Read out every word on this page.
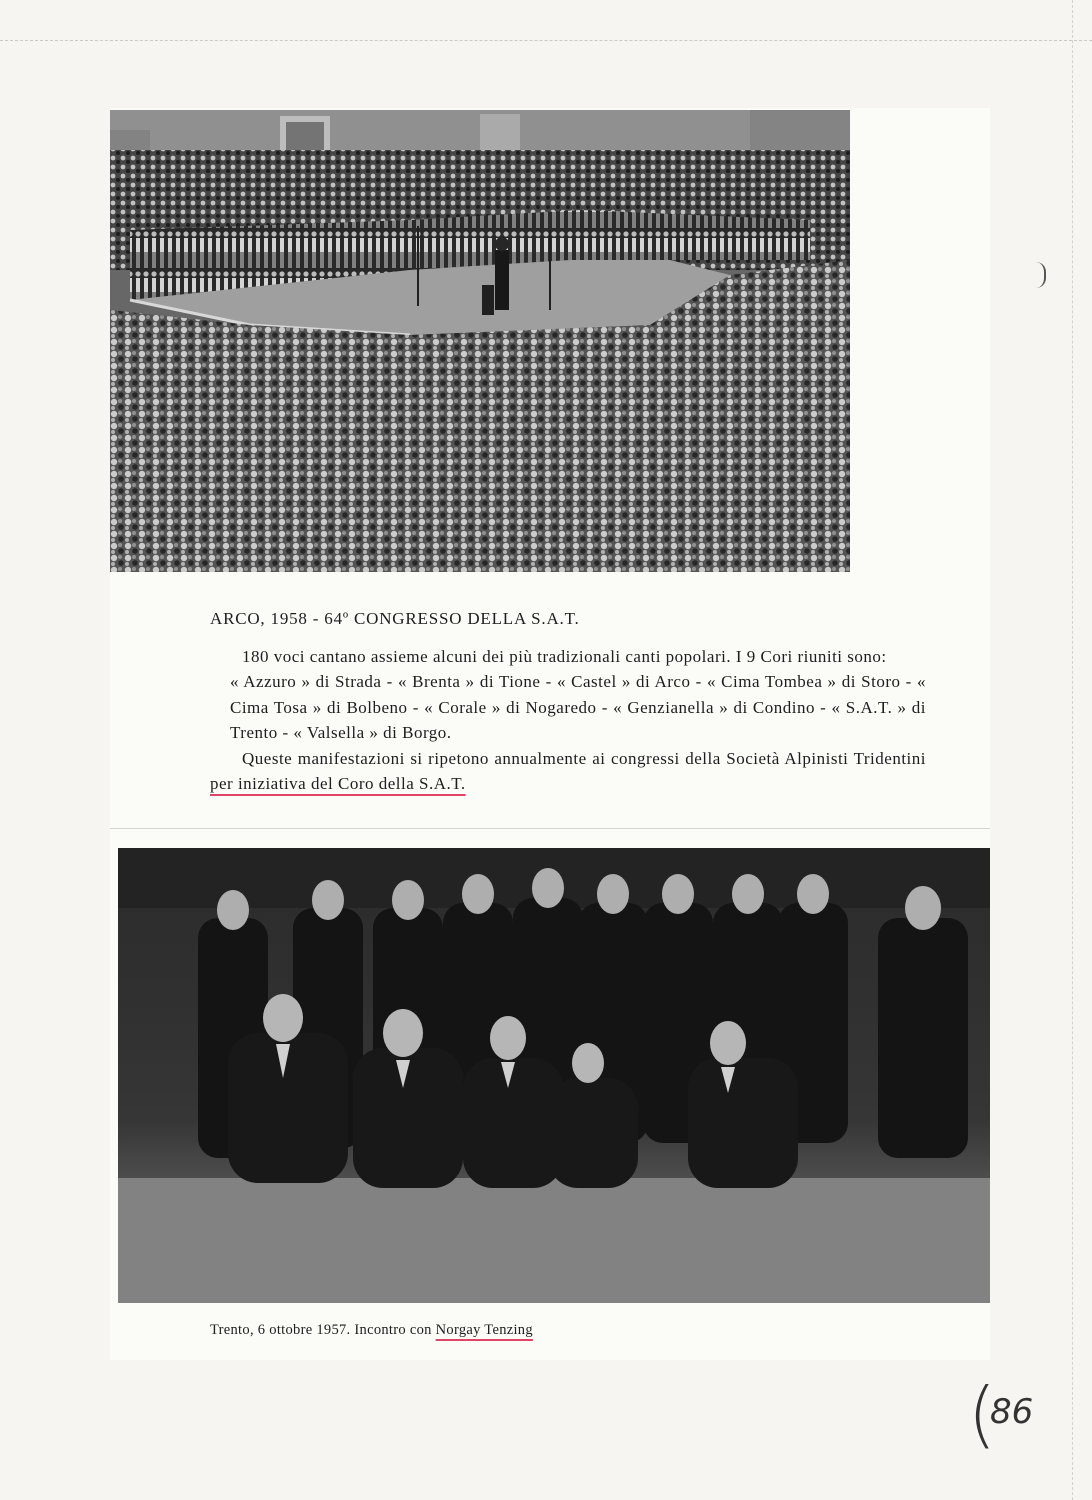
ARCO, 1958 - 64º CONGRESSO DELLA S.A.T.

180 voci cantano assieme alcuni dei più tradizionali canti popolari. I 9 Cori riuniti sono:

« Azzuro » di Strada - « Brenta » di Tione - « Castel » di Arco - « Cima Tombea » di Storo - « Cima Tosa » di Bolbeno - « Corale » di Nogaredo - « Genzianella » di Condino - « S.A.T. » di Trento - « Valsella » di Borgo.

Queste manifestazioni si ripetono annualmente ai congressi della Società Alpinisti Tridentini per iniziativa del Coro della S.A.T.

Trento, 6 ottobre 1957. Incontro con Norgay Tenzing
(
86
